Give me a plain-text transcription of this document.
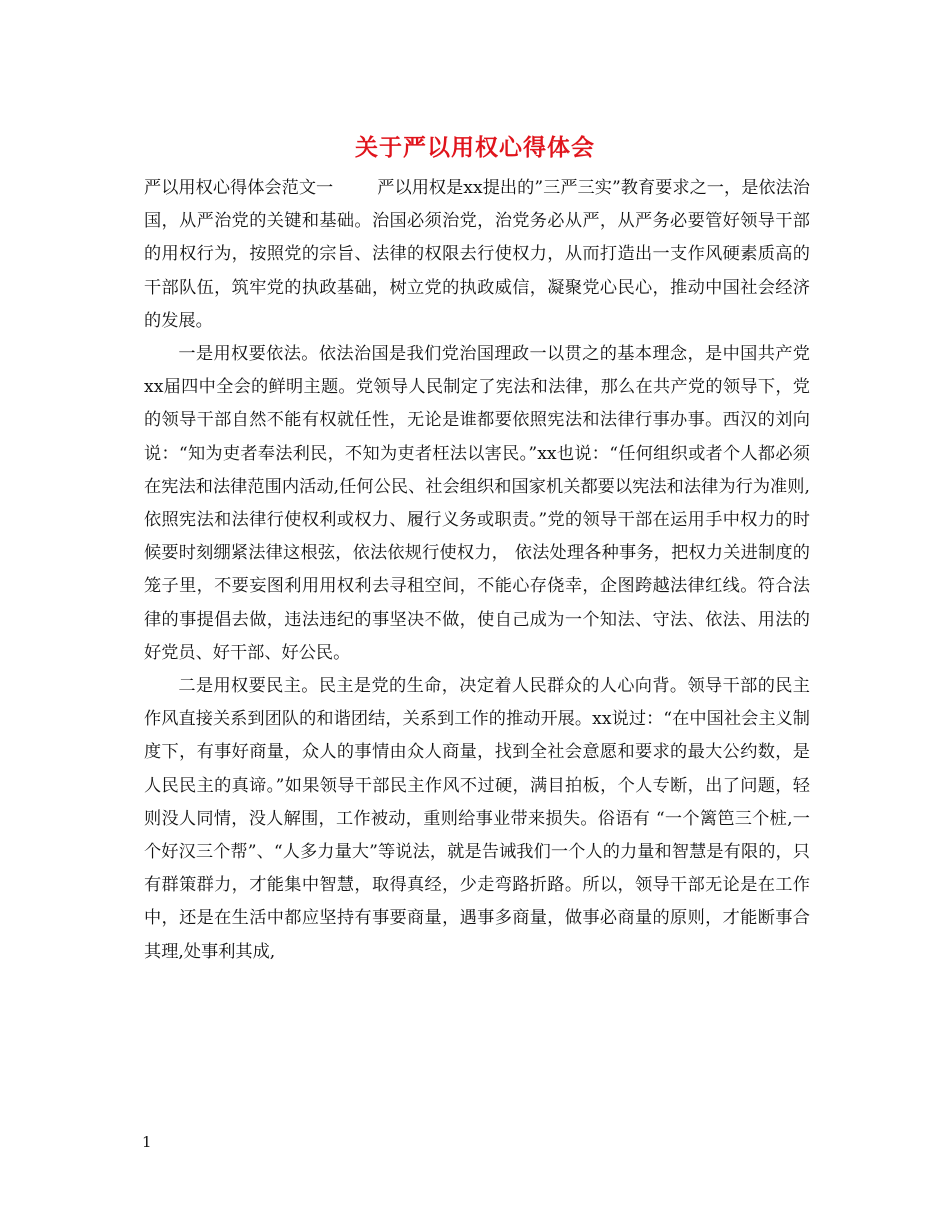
关于严以用权心得体会

严以用权心得体会范文一	严以用权是xx提出的”三严三实”教育要求之一，是依法治国，从严治党的关键和基础。治国必须治党，治党务必从严，从严务必要管好领导干部的用权行为，按照党的宗旨、法律的权限去行使权力，从而打造出一支作风硬素质高的干部队伍，筑牢党的执政基础，树立党的执政威信，凝聚党心民心，推动中国社会经济的发展。

一是用权要依法。依法治国是我们党治国理政一以贯之的基本理念，是中国共产党xx届四中全会的鲜明主题。党领导人民制定了宪法和法律，那么在共产党的领导下，党的领导干部自然不能有权就任性，无论是谁都要依照宪法和法律行事办事。西汉的刘向说：“知为吏者奉法利民，不知为吏者枉法以害民。”xx也说：“任何组织或者个人都必须在宪法和法律范围内活动,任何公民、社会组织和国家机关都要以宪法和法律为行为准则,依照宪法和法律行使权利或权力、履行义务或职责。”党的领导干部在运用手中权力的时候要时刻绷紧法律这根弦，依法依规行使权力， 依法处理各种事务，把权力关进制度的笼子里，不要妄图利用用权利去寻租空间，不能心存侥幸，企图跨越法律红线。符合法律的事提倡去做，违法违纪的事坚决不做，使自己成为一个知法、守法、依法、用法的好党员、好干部、好公民。

二是用权要民主。民主是党的生命，决定着人民群众的人心向背。领导干部的民主作风直接关系到团队的和谐团结，关系到工作的推动开展。xx说过：“在中国社会主义制度下，有事好商量，众人的事情由众人商量，找到全社会意愿和要求的最大公约数，是人民民主的真谛。”如果领导干部民主作风不过硬，满目拍板，个人专断，出了问题，轻则没人同情，没人解围，工作被动，重则给事业带来损失。俗语有 “一个篱笆三个桩,一个好汉三个帮”、“人多力量大”等说法，就是告诫我们一个人的力量和智慧是有限的，只有群策群力，才能集中智慧，取得真经，少走弯路折路。所以，领导干部无论是在工作中，还是在生活中都应坚持有事要商量，遇事多商量，做事必商量的原则，才能断事合其理,处事利其成,

1
